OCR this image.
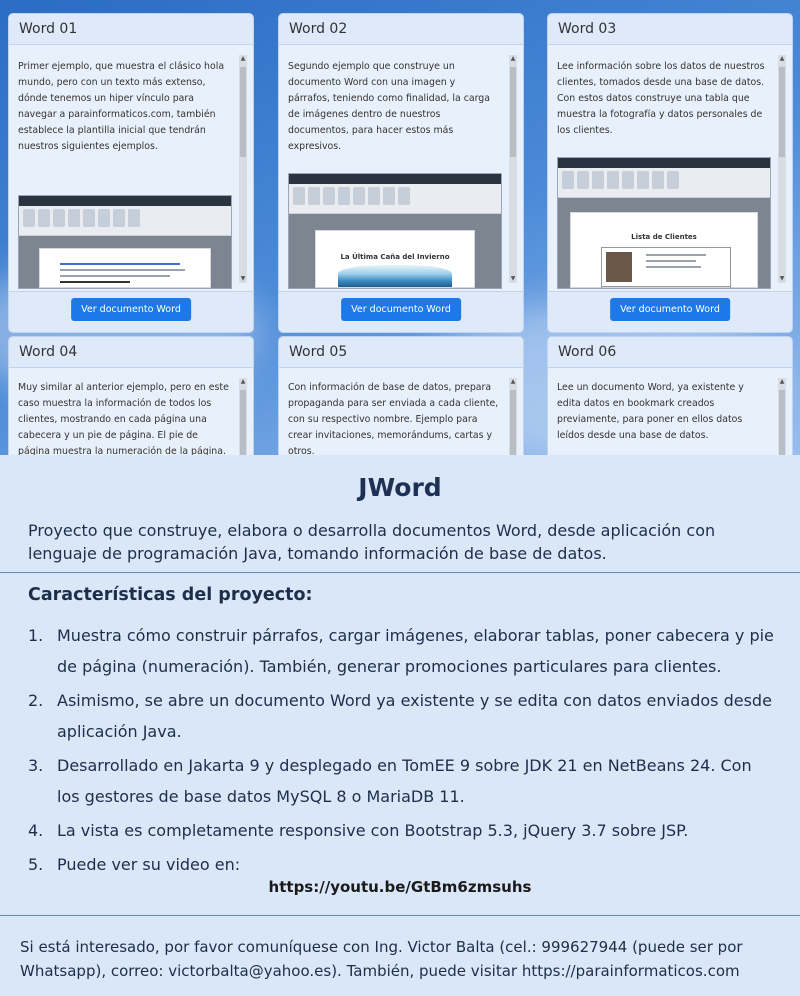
Word 01
Primer ejemplo, que muestra el clásico hola mundo, pero con un texto más extenso, dónde tenemos un hiper vínculo para navegar a parainformaticos.com, también establece la plantilla inicial que tendrán nuestros siguientes ejemplos.
▲
▼
Ver documento Word
Word 02
Segundo ejemplo que construye un documento Word con una imagen y párrafos, teniendo como finalidad, la carga de imágenes dentro de nuestros documentos, para hacer estos más expresivos.
La Última Caña del Invierno
▲
▼
Ver documento Word
Word 03
Lee información sobre los datos de nuestros clientes, tomados desde una base de datos. Con estos datos construye una tabla que muestra la fotografía y datos personales de los clientes.
Lista de Clientes
▲
▼
Ver documento Word
Word 04
Muy similar al anterior ejemplo, pero en este caso muestra la información de todos los clientes, mostrando en cada página una cabecera y un pie de página. El pie de página muestra la numeración de la página.
▲
Word 05
Con información de base de datos, prepara propaganda para ser enviada a cada cliente, con su respectivo nombre. Ejemplo para crear invitaciones, memorándums, cartas y otros.
▲
Word 06
Lee un documento Word, ya existente y edita datos en bookmark creados previamente, para poner en ellos datos leídos desde una base de datos.
▲
JWord
Proyecto que construye, elabora o desarrolla documentos Word, desde aplicación con lenguaje de programación Java, tomando información de base de datos.
Características del proyecto:
1. Muestra cómo construir párrafos, cargar imágenes, elaborar tablas, poner cabecera y pie de página (numeración). También, generar promociones particulares para clientes.
2. Asimismo, se abre un documento Word ya existente y se edita con datos enviados desde aplicación Java.
3. Desarrollado en Jakarta 9 y desplegado en TomEE 9 sobre JDK 21 en NetBeans 24. Con los gestores de base datos MySQL 8 o MariaDB 11.
4. La vista es completamente responsive con Bootstrap 5.3, jQuery 3.7 sobre JSP.
5. Puede ver su video en:
https://youtu.be/GtBm6zmsuhs
Si está interesado, por favor comuníquese con Ing. Victor Balta (cel.: 999627944 (puede ser por Whatsapp), correo: victorbalta@yahoo.es). También, puede visitar https://parainformaticos.com
